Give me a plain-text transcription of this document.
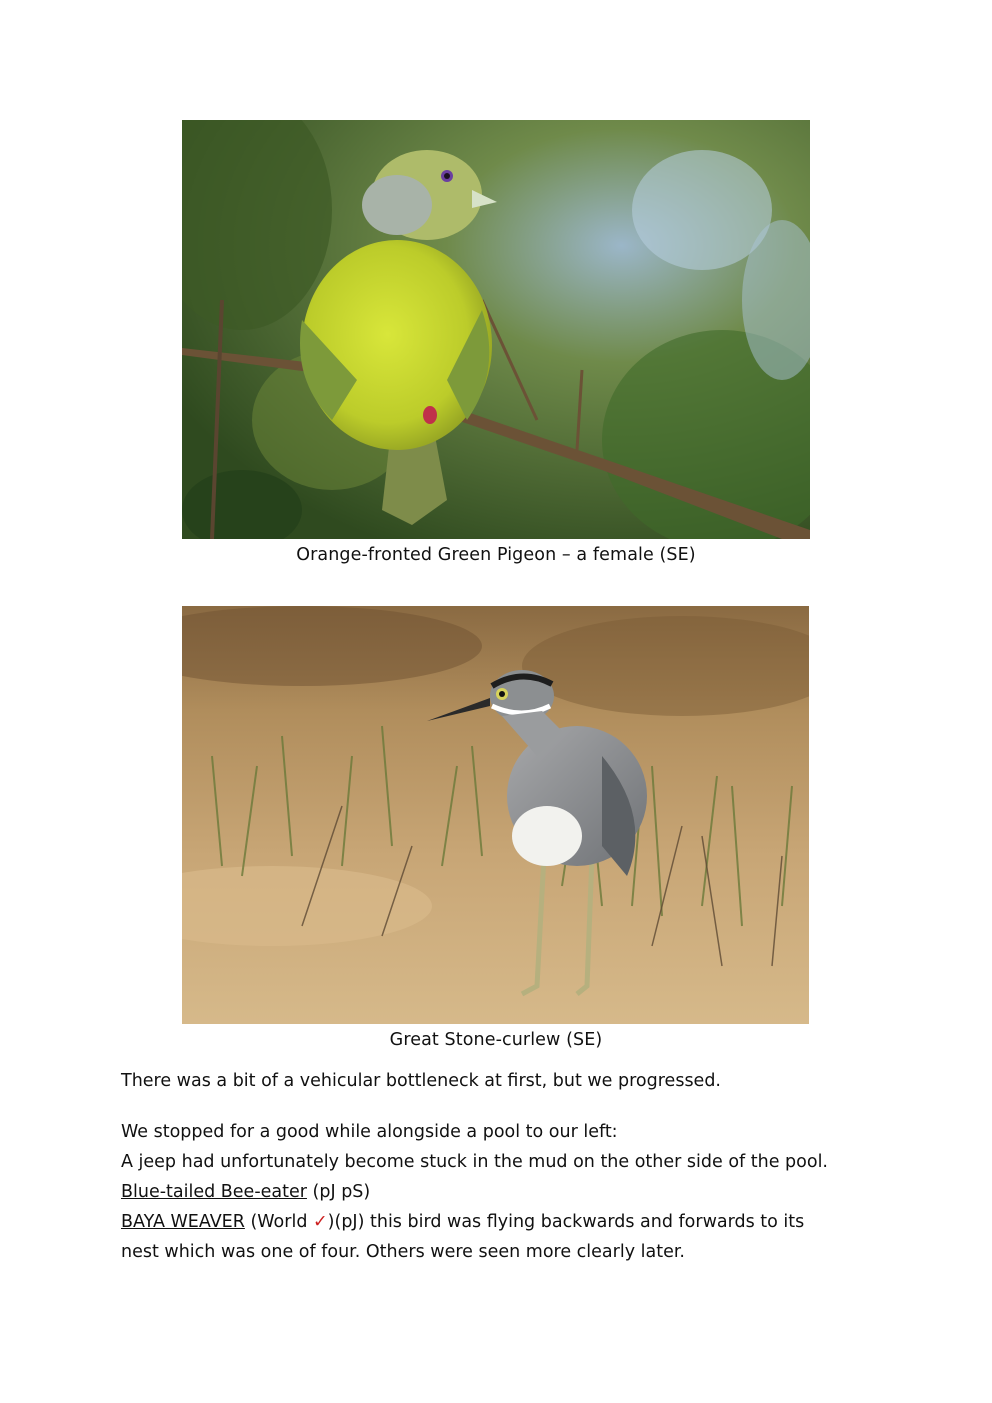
Orange-fronted Green Pigeon – a female (SE)
Great Stone-curlew (SE)
There was a bit of a vehicular bottleneck at first, but we progressed.
We stopped for a good while alongside a pool to our left:
A jeep had unfortunately become stuck in the mud on the other side of the pool.
Blue-tailed Bee-eater (pJ pS)
BAYA WEAVER (World ✓)(pJ) this bird was flying backwards and forwards to its
nest which was one of four. Others were seen more clearly later.
